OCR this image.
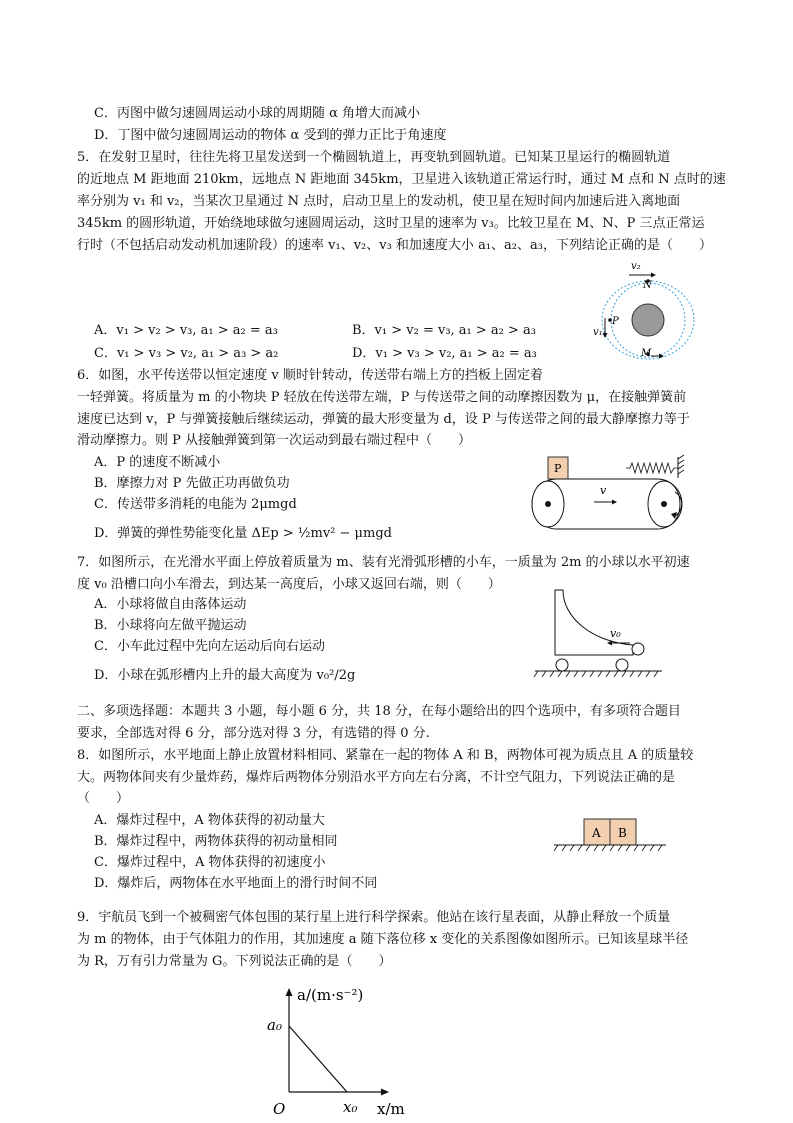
C．丙图中做匀速圆周运动小球的周期随 α 角增大而减小
D．丁图中做匀速圆周运动的物体 α 受到的弹力正比于角速度
5．在发射卫星时，往往先将卫星发送到一个椭圆轨道上，再变轨到圆轨道。已知某卫星运行的椭圆轨道
的近地点 M 距地面 210km，远地点 N 距地面 345km，卫星进入该轨道正常运行时，通过 M 点和 N 点时的速
率分别为 v₁ 和 v₂，当某次卫星通过 N 点时，启动卫星上的发动机，使卫星在短时间内加速后进入离地面
345km 的圆形轨道，开始绕地球做匀速圆周运动，这时卫星的速率为 v₃。比较卫星在 M、N、P 三点正常运
行时（不包括启动发动机加速阶段）的速率 v₁、v₂、v₃ 和加速度大小 a₁、a₂、a₃，下列结论正确的是（　　）
A．v₁ > v₂ > v₃, a₁ > a₂ = a₃	B．v₁ > v₂ = v₃, a₁ > a₂ > a₃
C．v₁ > v₃ > v₂, a₁ > a₃ > a₂	D．v₁ > v₃ > v₂, a₁ > a₂ = a₃
v₂
N
P
v₁
M
6．如图，水平传送带以恒定速度 v 顺时针转动，传送带右端上方的挡板上固定着
一轻弹簧。将质量为 m 的小物块 P 轻放在传送带左端，P 与传送带之间的动摩擦因数为 μ，在接触弹簧前
速度已达到 v，P 与弹簧接触后继续运动，弹簧的最大形变量为 d，设 P 与传送带之间的最大静摩擦力等于
滑动摩擦力。则 P 从接触弹簧到第一次运动到最右端过程中（　　）
A．P 的速度不断减小
B．摩擦力对 P 先做正功再做负功
C．传送带多消耗的电能为 2μmgd
D．弹簧的弹性势能变化量 ΔEp > ½mv² − μmgd
P
v
7．如图所示，在光滑水平面上停放着质量为 m、装有光滑弧形槽的小车，一质量为 2m 的小球以水平初速
度 v₀ 沿槽口向小车滑去，到达某一高度后，小球又返回右端，则（　　）
A．小球将做自由落体运动
B．小球将向左做平抛运动
C．小车此过程中先向左运动后向右运动
D．小球在弧形槽内上升的最大高度为 v₀²/2g
v₀
二、多项选择题：本题共 3 小题，每小题 6 分，共 18 分，在每小题给出的四个选项中，有多项符合题目
要求，全部选对得 6 分，部分选对得 3 分，有选错的得 0 分.
8．如图所示，水平地面上静止放置材料相同、紧靠在一起的物体 A 和 B，两物体可视为质点且 A 的质量较
大。两物体间夹有少量炸药，爆炸后两物体分别沿水平方向左右分离，不计空气阻力，下列说法正确的是
（　　）
A．爆炸过程中，A 物体获得的初动量大
B．爆炸过程中，两物体获得的初动量相同
C．爆炸过程中，A 物体获得的初速度小
D．爆炸后，两物体在水平地面上的滑行时间不同
A B
9．宇航员飞到一个被稠密气体包围的某行星上进行科学探索。他站在该行星表面，从静止释放一个质量
为 m 的物体，由于气体阻力的作用，其加速度 a 随下落位移 x 变化的关系图像如图所示。已知该星球半径
为 R，万有引力常量为 G。下列说法正确的是（　　）
a/(m·s⁻²)
a₀
O	x₀ x/m
